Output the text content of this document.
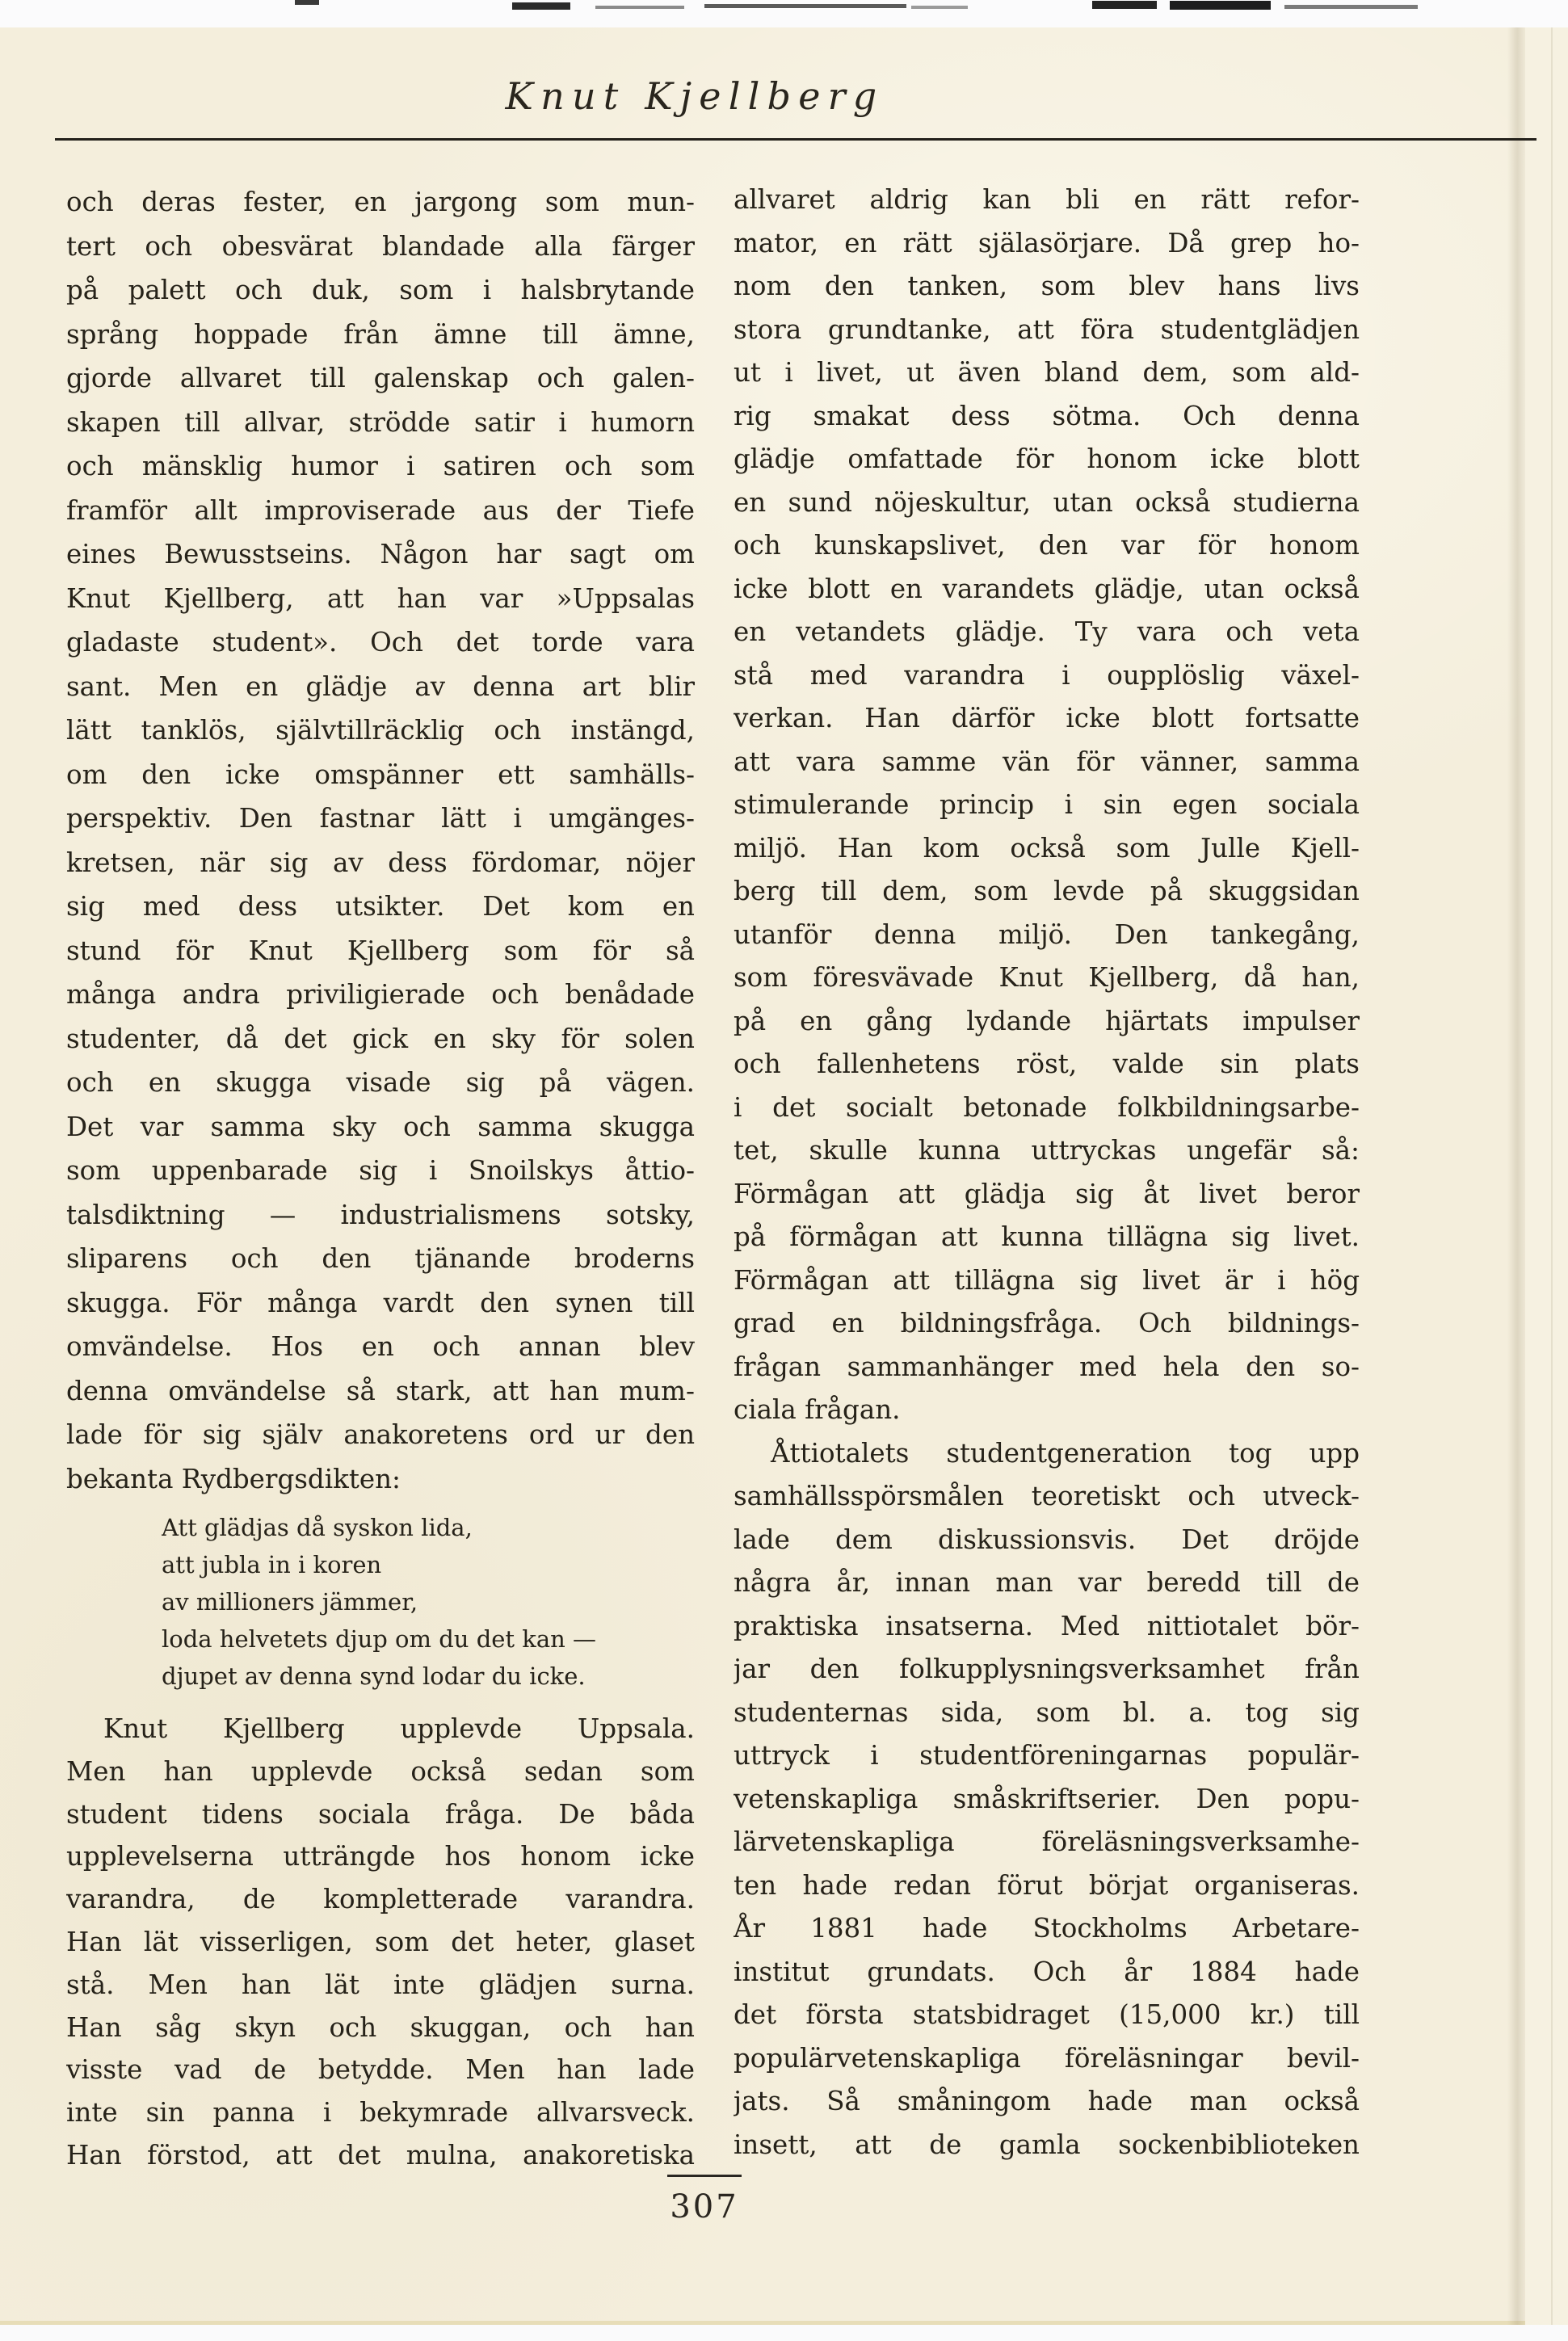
Knut Kjellberg
och deras fester, en jargong som mun-
tert och obesvärat blandade alla färger
på palett och duk, som i halsbrytande
språng hoppade från ämne till ämne,
gjorde allvaret till galenskap och galen-
skapen till allvar, strödde satir i humorn
och mänsklig humor i satiren och som
framför allt improviserade aus der Tiefe
eines Bewusstseins. Någon har sagt om
Knut Kjellberg, att han var »Uppsalas
gladaste student». Och det torde vara
sant. Men en glädje av denna art blir
lätt tanklös, självtillräcklig och instängd,
om den icke omspänner ett samhälls-
perspektiv. Den fastnar lätt i umgänges-
kretsen, när sig av dess fördomar, nöjer
sig med dess utsikter. Det kom en
stund för Knut Kjellberg som för så
många andra priviligierade och benådade
studenter, då det gick en sky för solen
och en skugga visade sig på vägen.
Det var samma sky och samma skugga
som uppenbarade sig i Snoilskys åttio-
talsdiktning — industrialismens sotsky,
sliparens och den tjänande broderns
skugga. För många vardt den synen till
omvändelse. Hos en och annan blev
denna omvändelse så stark, att han mum-
lade för sig själv anakoretens ord ur den
bekanta Rydbergsdikten:
Att glädjas då syskon lida,
att jubla in i koren
av millioners jämmer,
loda helvetets djup om du det kan —
djupet av denna synd lodar du icke.
Knut Kjellberg upplevde Uppsala.
Men han upplevde också sedan som
student tidens sociala fråga. De båda
upplevelserna utträngde hos honom icke
varandra, de kompletterade varandra.
Han lät visserligen, som det heter, glaset
stå. Men han lät inte glädjen surna.
Han såg skyn och skuggan, och han
visste vad de betydde. Men han lade
inte sin panna i bekymrade allvarsveck.
Han förstod, att det mulna, anakoretiska
allvaret aldrig kan bli en rätt refor-
mator, en rätt själasörjare. Då grep ho-
nom den tanken, som blev hans livs
stora grundtanke, att föra studentglädjen
ut i livet, ut även bland dem, som ald-
rig smakat dess sötma. Och denna
glädje omfattade för honom icke blott
en sund nöjeskultur, utan också studierna
och kunskapslivet, den var för honom
icke blott en varandets glädje, utan också
en vetandets glädje. Ty vara och veta
stå med varandra i oupplöslig växel-
verkan. Han därför icke blott fortsatte
att vara samme vän för vänner, samma
stimulerande princip i sin egen sociala
miljö. Han kom också som Julle Kjell-
berg till dem, som levde på skuggsidan
utanför denna miljö. Den tankegång,
som föresvävade Knut Kjellberg, då han,
på en gång lydande hjärtats impulser
och fallenhetens röst, valde sin plats
i det socialt betonade folkbildningsarbe-
tet, skulle kunna uttryckas ungefär så:
Förmågan att glädja sig åt livet beror
på förmågan att kunna tillägna sig livet.
Förmågan att tillägna sig livet är i hög
grad en bildningsfråga. Och bildnings-
frågan sammanhänger med hela den so-
ciala frågan.
Åttiotalets studentgeneration tog upp
samhällsspörsmålen teoretiskt och utveck-
lade dem diskussionsvis. Det dröjde
några år, innan man var beredd till de
praktiska insatserna. Med nittiotalet bör-
jar den folkupplysningsverksamhet från
studenternas sida, som bl. a. tog sig
uttryck i studentföreningarnas populär-
vetenskapliga småskriftserier. Den popu-
lärvetenskapliga föreläsningsverksamhe-
ten hade redan förut börjat organiseras.
År 1881 hade Stockholms Arbetare-
institut grundats. Och år 1884 hade
det första statsbidraget (15,000 kr.) till
populärvetenskapliga föreläsningar bevil-
jats. Så småningom hade man också
insett, att de gamla sockenbiblioteken
307
